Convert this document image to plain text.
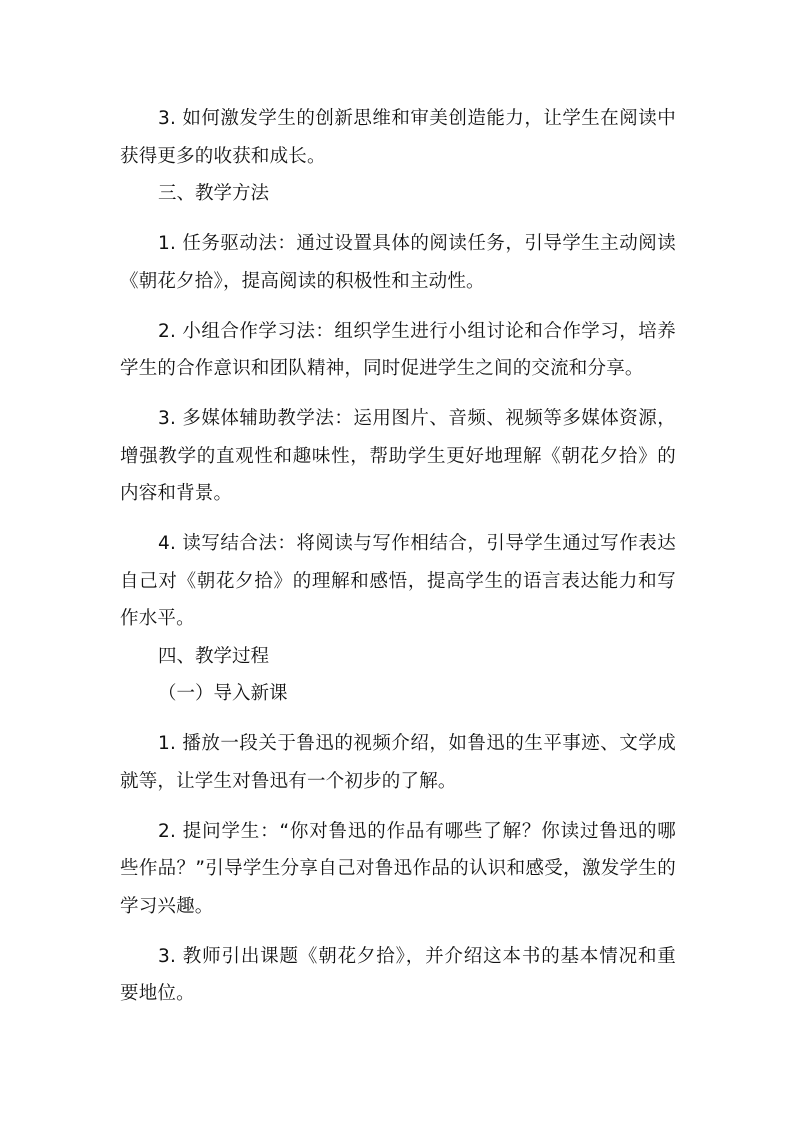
3. 如何激发学生的创新思维和审美创造能力，让学生在阅读中获得更多的收获和成长。

三、教学方法

1. 任务驱动法：通过设置具体的阅读任务，引导学生主动阅读《朝花夕拾》，提高阅读的积极性和主动性。

2. 小组合作学习法：组织学生进行小组讨论和合作学习，培养学生的合作意识和团队精神，同时促进学生之间的交流和分享。

3. 多媒体辅助教学法：运用图片、音频、视频等多媒体资源，增强教学的直观性和趣味性，帮助学生更好地理解《朝花夕拾》的内容和背景。

4. 读写结合法：将阅读与写作相结合，引导学生通过写作表达自己对《朝花夕拾》的理解和感悟，提高学生的语言表达能力和写作水平。

四、教学过程

（一）导入新课

1. 播放一段关于鲁迅的视频介绍，如鲁迅的生平事迹、文学成就等，让学生对鲁迅有一个初步的了解。

2. 提问学生：“你对鲁迅的作品有哪些了解？你读过鲁迅的哪些作品？”引导学生分享自己对鲁迅作品的认识和感受，激发学生的学习兴趣。

3. 教师引出课题《朝花夕拾》，并介绍这本书的基本情况和重要地位。
